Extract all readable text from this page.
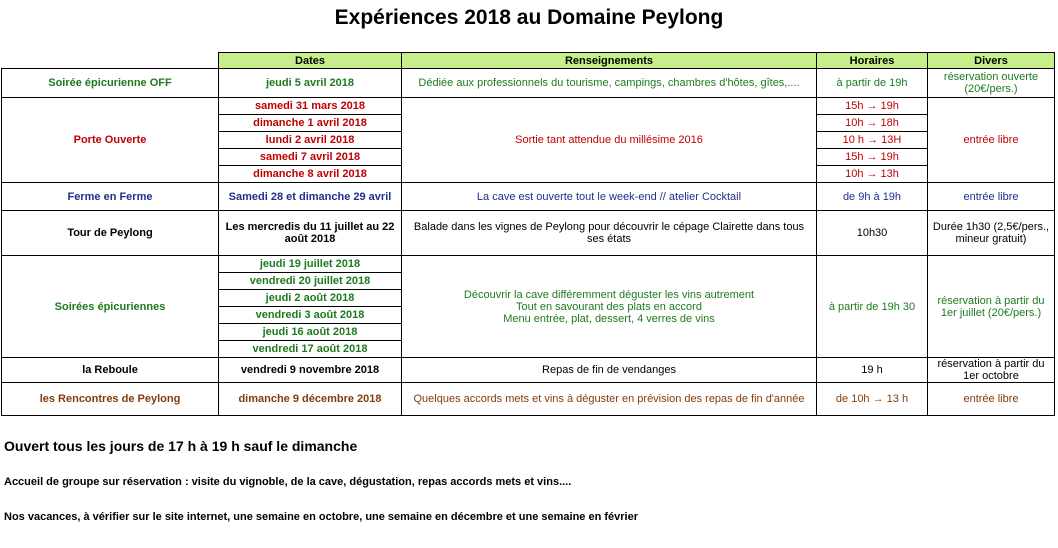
Expériences 2018 au Domaine Peylong
	Dates	Renseignements	Horaires	Divers
Soirée épicurienne OFF	jeudi 5 avril 2018	Dédiée aux professionnels du tourisme, campings, chambres d'hôtes, gîtes,....	à partir de 19h	réservation ouverte (20€/pers.)
Porte Ouverte	samedi 31 mars 2018	Sortie tant attendue du millésime 2016	15h → 19h	entrée libre
	dimanche 1 avril 2018		10h → 18h	
	lundi 2 avril 2018		10 h → 13H	
	samedi 7 avril 2018		15h → 19h	
	dimanche 8 avril 2018		10h → 13h	
Ferme en Ferme	Samedi 28 et dimanche 29 avril	La cave est ouverte tout le week-end // atelier Cocktail	de 9h à 19h	entrée libre
Tour de Peylong	Les mercredis du 11 juillet au 22 août 2018	Balade dans les vignes de Peylong pour découvrir le cépage Clairette dans tous ses états	10h30	Durée 1h30 (2,5€/pers., mineur gratuit)
Soirées épicuriennes	jeudi 19 juillet 2018	Découvrir la cave différemment déguster les vins autrement
Tout en savourant des plats en accord
Menu entrée, plat, dessert, 4 verres de vins	à partir de 19h 30	réservation à partir du 1er juillet (20€/pers.)
	vendredi 20 juillet 2018			
	jeudi 2 août 2018			
	vendredi 3 août 2018			
	jeudi 16 août 2018			
	vendredi 17 août 2018			
la Reboule	vendredi 9 novembre 2018	Repas de fin de vendanges	19 h	réservation à partir du 1er octobre
les Rencontres de Peylong	dimanche 9 décembre 2018	Quelques accords mets et vins à déguster en prévision des repas de fin d'année	de 10h → 13 h	entrée libre
Ouvert tous les jours de 17 h à 19 h sauf le dimanche
Accueil de groupe sur réservation : visite du vignoble, de la cave, dégustation, repas accords mets et vins....
Nos vacances, à vérifier sur le site internet, une semaine en octobre, une semaine en décembre et une semaine en février
